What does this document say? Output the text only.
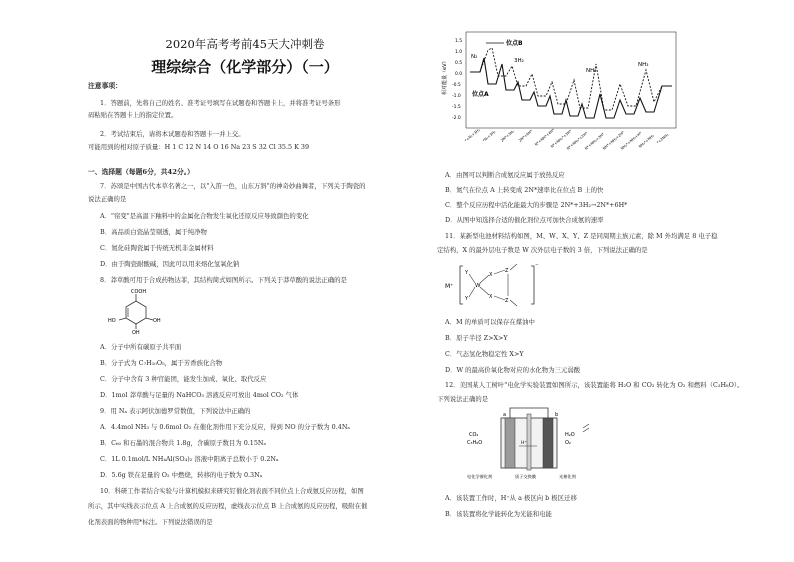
2020年高考考前45天大冲刺卷
理综综合（化学部分）（一）
注意事项：
1．答题前，先将自己的姓名、准考证号填写在试题卷和答题卡上，并将准考证号条形
码粘贴在答题卡上的指定位置。
2．考试结束后，请将本试题卷和答题卡一并上交。
可能用到的相对原子质量：H 1 C 12 N 14 O 16 Na 23 S 32 Cl 35.5 K 39
一、选择题（每题6分，共42分。）
7．苏颂是中国古代本草名著之一，以"入笛一色，山东万斜"的神奇妙曲舞者，下列关于陶瓷的
说法正确的是
A．"窑变"是高温下釉料中的金属化合物发生氧化还原反应导致颜色的变化
B．高品质白瓷晶莹剔透，属于纯净物
C．氮化硅陶瓷属于传统无机非金属材料
D．由于陶瓷耐酸碱，因此可以用来熔化氢氧化钠
8．莽草酸可用于合成药物达菲，其结构简式如图所示。下列关于莽草酸的说法正确的是
COOH
HO	OH
OH
A．分子中所有碳原子共平面
B．分子式为 C₇H₁₀O₅，属于芳香族化合物
C．分子中含有 3 种官能团，能发生加成、氧化、取代反应
D．1mol 莽草酸与足量的 NaHCO₃ 溶液反应可放出 4mol CO₂ 气体
9．用 Nₐ 表示阿伏加德罗常数值，下列说法中正确的
A．4.4mol NH₃ 与 0.6mol O₂ 在催化剂作用下充分反应，得到 NO 的分子数为 0.4Nₐ
B．C₆₀ 和石墨的混合物共 1.8g，含碳原子数目为 0.15Nₐ
C．1L 0.1mol/L NH₄Al(SO₄)₂ 溶液中阳离子总数小于 0.2Nₐ
D．5.6g 铁在足量的 O₂ 中燃烧，转移的电子数为 0.3Nₐ
10．科研工作者结合实验与计算机模拟来研究钌催化剂表面不同位点上合成氨反应历程，如图
所示，其中实线表示位点 A 上合成氨的反应历程，虚线表示位点 B 上合成氨的反应历程，吸附在催
化剂表面的物种用*标注。下列说法错误的是
相对能量（eV）
1.5
1.0
0.5
0.0
-0.5
-1.0
-1.5
-2.0
N₂
位点B
位点A
3H₂
NH₃
NH₃
*+N₂+3H₂ *N₂+3H₂ 2N*+3H₂ 2N*+6H* N*+NH*+4H*
N*+NH₂*+3H*
N*+NH₃*+2H*
N*+NH₃+3H*
NH*+NH₃+2H*
NH₂*+NH₃+H*
NH₃*+NH₃ *+2NH₃
A．由图可以判断合成氨反应属于放热反应
B．氮气在位点 A 上转变成 2N*速率比在位点 B 上的快
C．整个反应历程中活化能最大的步骤是 2N*+3H₂→2N*+6H*
D．从图中知选择合适的催化剂位点可加快合成氨的速率
11．某新型电池材料结构如图，M、W、X、Y、Z 是同周期主族元素，除 M 外均满足 8 电子稳
定结构，X 的最外层电子数是 W 次外层电子数的 3 倍，下列说法正确的是
M⁺
⁻
Y
Y
W
X
X
Z
Z
A．M 的单质可以保存在煤油中
B．原子半径 Z>X>Y
C．气态氢化物稳定性 X>Y
D．W 的最高价氧化物对应的水化物为三元弱酸
12．美国某人工树叶"电化学实验装置如图所示，该装置能将 H₂O 和 CO₂ 转化为 O₂ 和燃料（C₃H₈O）。
下列说法正确的是
a	b
H⁺
CO₂
C₃H₈O
H₂O
O₂
电化学催化剂	质子交换膜	光催化剂
A．该装置工作时，H⁺从 a 极区向 b 极区迁移
B．该装置将化学能转化为光能和电能
